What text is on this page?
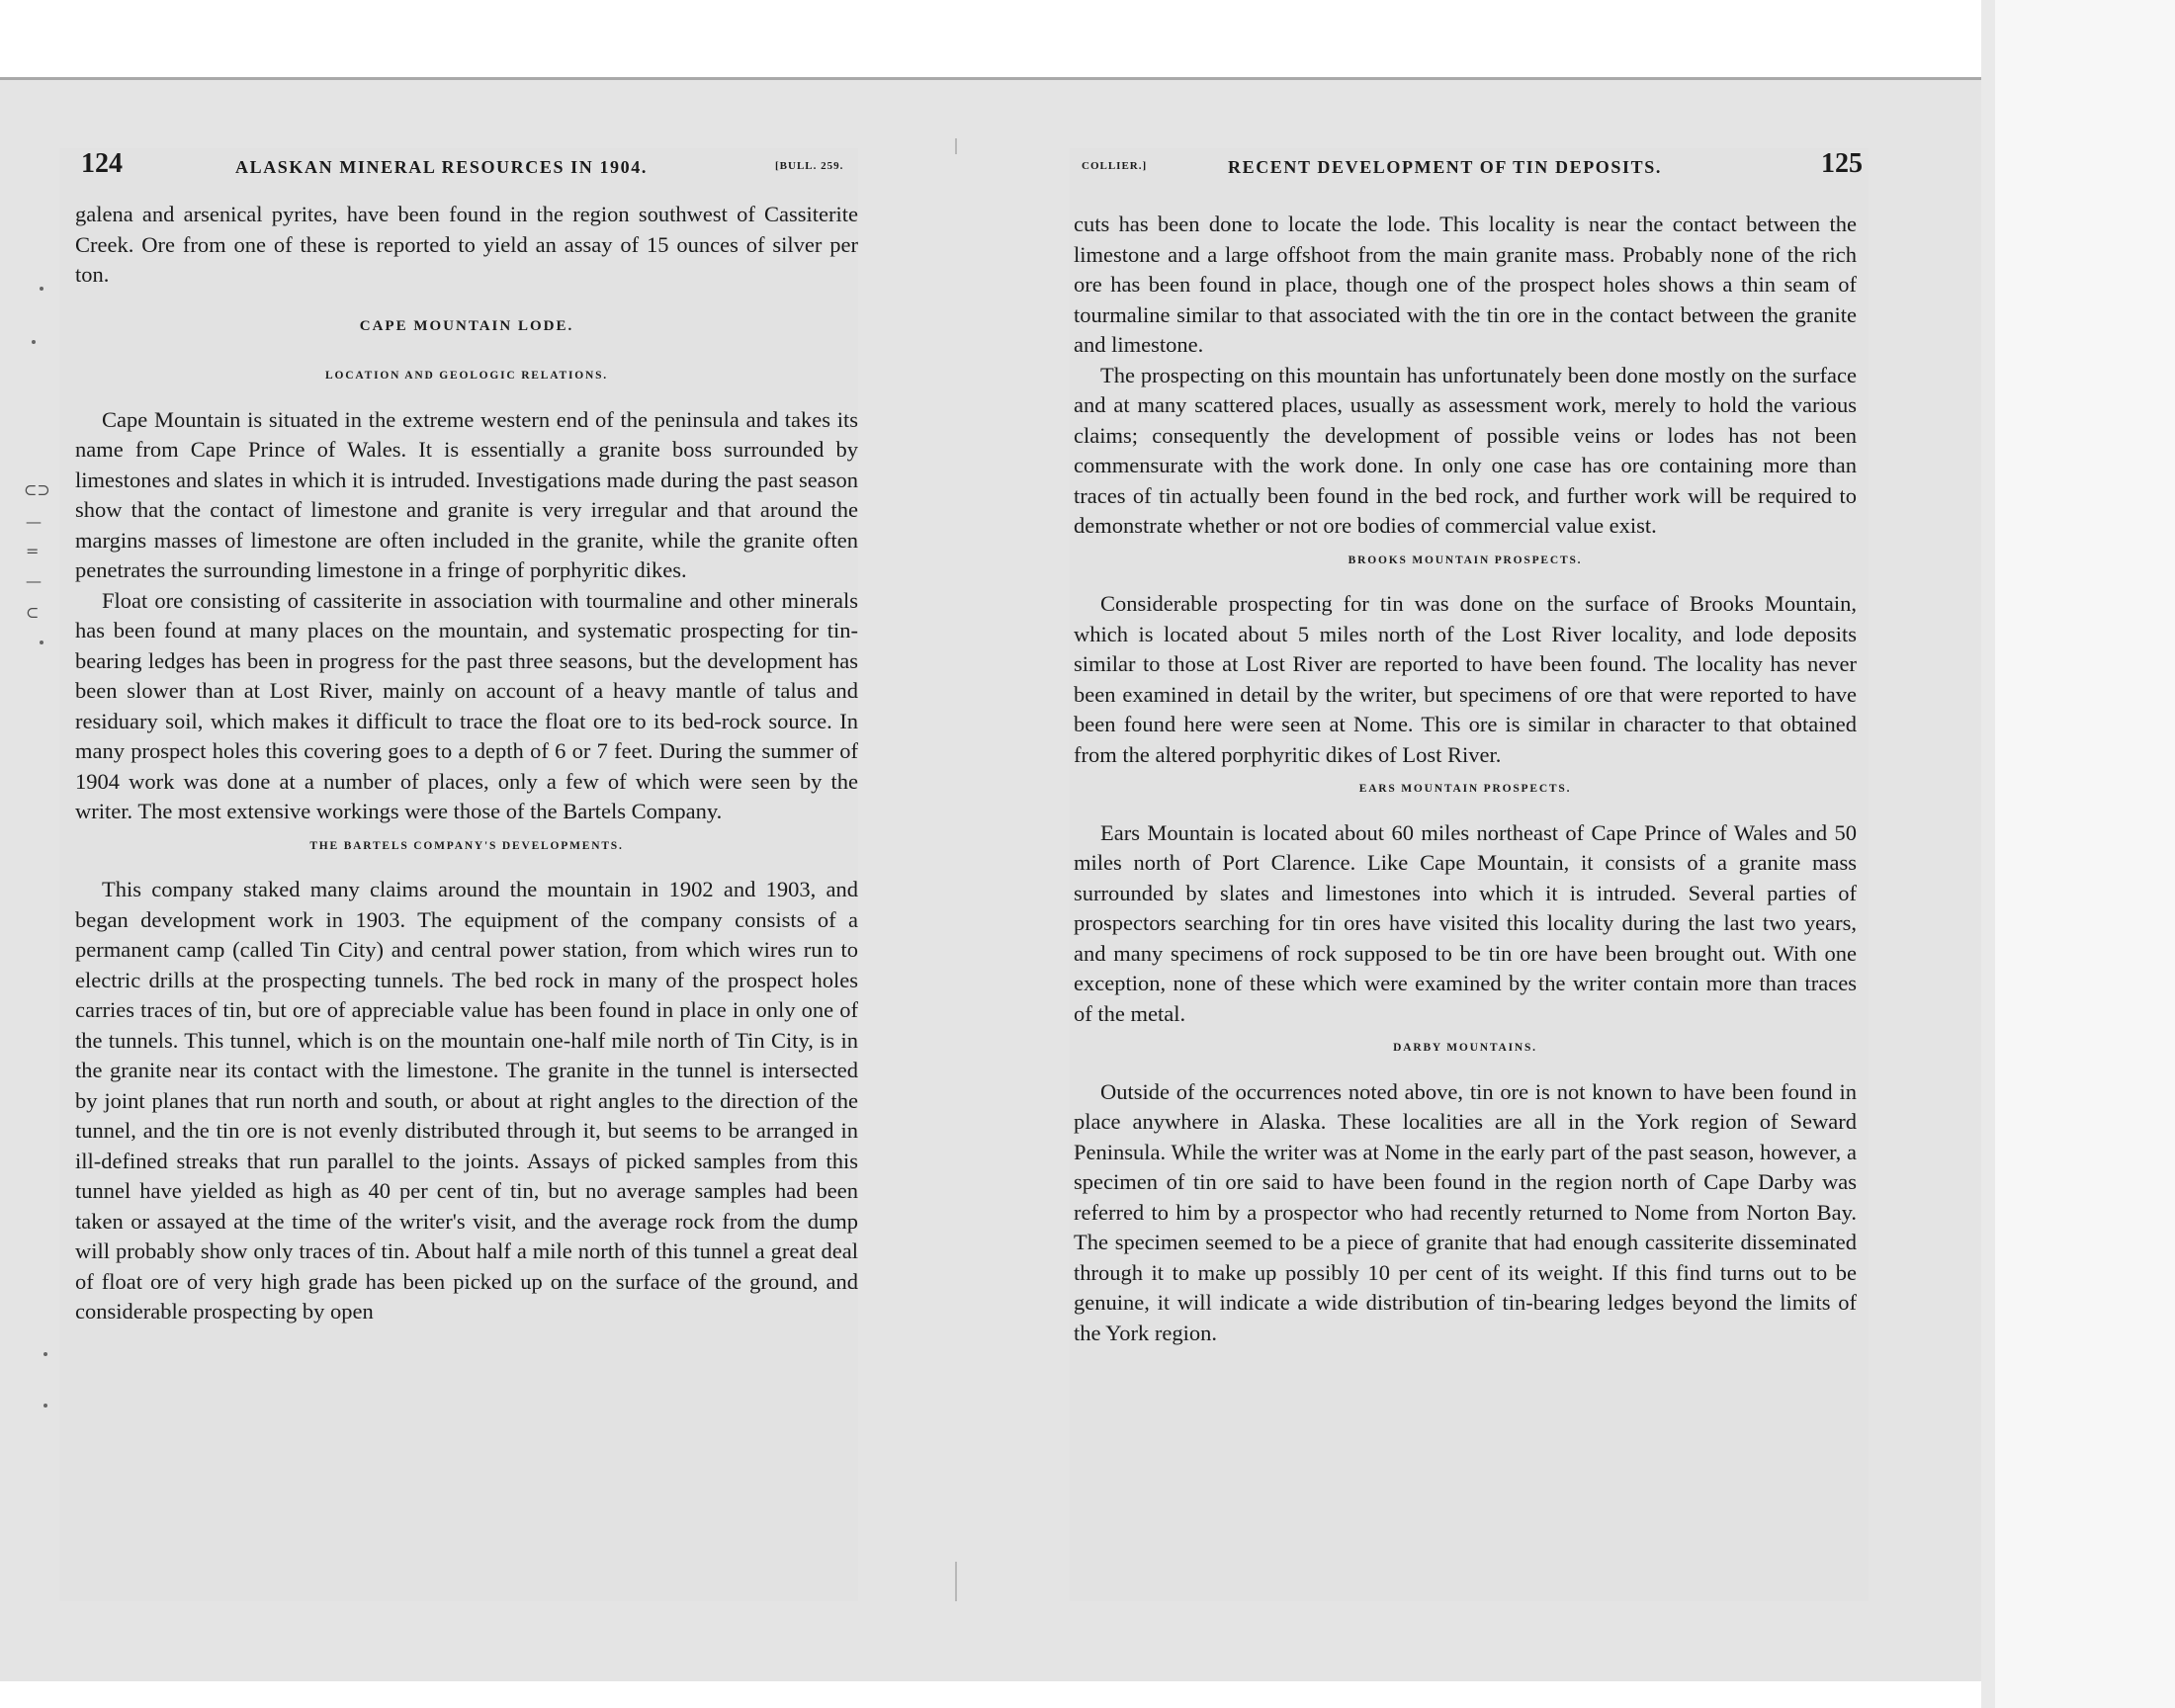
124	ALASKAN MINERAL RESOURCES IN 1904.	[BULL. 259.

galena and arsenical pyrites, have been found in the region southwest of Cassiterite Creek. Ore from one of these is reported to yield an assay of 15 ounces of silver per ton.

CAPE MOUNTAIN LODE.
LOCATION AND GEOLOGIC RELATIONS.

Cape Mountain is situated in the extreme western end of the peninsula and takes its name from Cape Prince of Wales. It is essentially a granite boss surrounded by limestones and slates in which it is intruded. Investigations made during the past season show that the contact of limestone and granite is very irregular and that around the margins masses of limestone are often included in the granite, while the granite often penetrates the surrounding limestone in a fringe of porphyritic dikes.

Float ore consisting of cassiterite in association with tourmaline and other minerals has been found at many places on the mountain, and systematic prospecting for tin-bearing ledges has been in progress for the past three seasons, but the development has been slower than at Lost River, mainly on account of a heavy mantle of talus and residuary soil, which makes it difficult to trace the float ore to its bed-rock source. In many prospect holes this covering goes to a depth of 6 or 7 feet. During the summer of 1904 work was done at a number of places, only a few of which were seen by the writer. The most extensive workings were those of the Bartels Company.

THE BARTELS COMPANY'S DEVELOPMENTS.

This company staked many claims around the mountain in 1902 and 1903, and began development work in 1903. The equipment of the company consists of a permanent camp (called Tin City) and central power station, from which wires run to electric drills at the prospecting tunnels. The bed rock in many of the prospect holes carries traces of tin, but ore of appreciable value has been found in place in only one of the tunnels. This tunnel, which is on the mountain one-half mile north of Tin City, is in the granite near its contact with the limestone. The granite in the tunnel is intersected by joint planes that run north and south, or about at right angles to the direction of the tunnel, and the tin ore is not evenly distributed through it, but seems to be arranged in ill-defined streaks that run parallel to the joints. Assays of picked samples from this tunnel have yielded as high as 40 per cent of tin, but no average samples had been taken or assayed at the time of the writer's visit, and the average rock from the dump will probably show only traces of tin. About half a mile north of this tunnel a great deal of float ore of very high grade has been picked up on the surface of the ground, and considerable prospecting by open

COLLIER.]	RECENT DEVELOPMENT OF TIN DEPOSITS.	125

cuts has been done to locate the lode. This locality is near the contact between the limestone and a large offshoot from the main granite mass. Probably none of the rich ore has been found in place, though one of the prospect holes shows a thin seam of tourmaline similar to that associated with the tin ore in the contact between the granite and limestone.

The prospecting on this mountain has unfortunately been done mostly on the surface and at many scattered places, usually as assessment work, merely to hold the various claims; consequently the development of possible veins or lodes has not been commensurate with the work done. In only one case has ore containing more than traces of tin actually been found in the bed rock, and further work will be required to demonstrate whether or not ore bodies of commercial value exist.

BROOKS MOUNTAIN PROSPECTS.

Considerable prospecting for tin was done on the surface of Brooks Mountain, which is located about 5 miles north of the Lost River locality, and lode deposits similar to those at Lost River are reported to have been found. The locality has never been examined in detail by the writer, but specimens of ore that were reported to have been found here were seen at Nome. This ore is similar in character to that obtained from the altered porphyritic dikes of Lost River.

EARS MOUNTAIN PROSPECTS.

Ears Mountain is located about 60 miles northeast of Cape Prince of Wales and 50 miles north of Port Clarence. Like Cape Mountain, it consists of a granite mass surrounded by slates and limestones into which it is intruded. Several parties of prospectors searching for tin ores have visited this locality during the last two years, and many specimens of rock supposed to be tin ore have been brought out. With one exception, none of these which were examined by the writer contain more than traces of the metal.

DARBY MOUNTAINS.

Outside of the occurrences noted above, tin ore is not known to have been found in place anywhere in Alaska. These localities are all in the York region of Seward Peninsula. While the writer was at Nome in the early part of the past season, however, a specimen of tin ore said to have been found in the region north of Cape Darby was referred to him by a prospector who had recently returned to Nome from Norton Bay. The specimen seemed to be a piece of granite that had enough cassiterite disseminated through it to make up possibly 10 per cent of its weight. If this find turns out to be genuine, it will indicate a wide distribution of tin-bearing ledges beyond the limits of the York region.

⊂⊃
—
=
—
⊂
